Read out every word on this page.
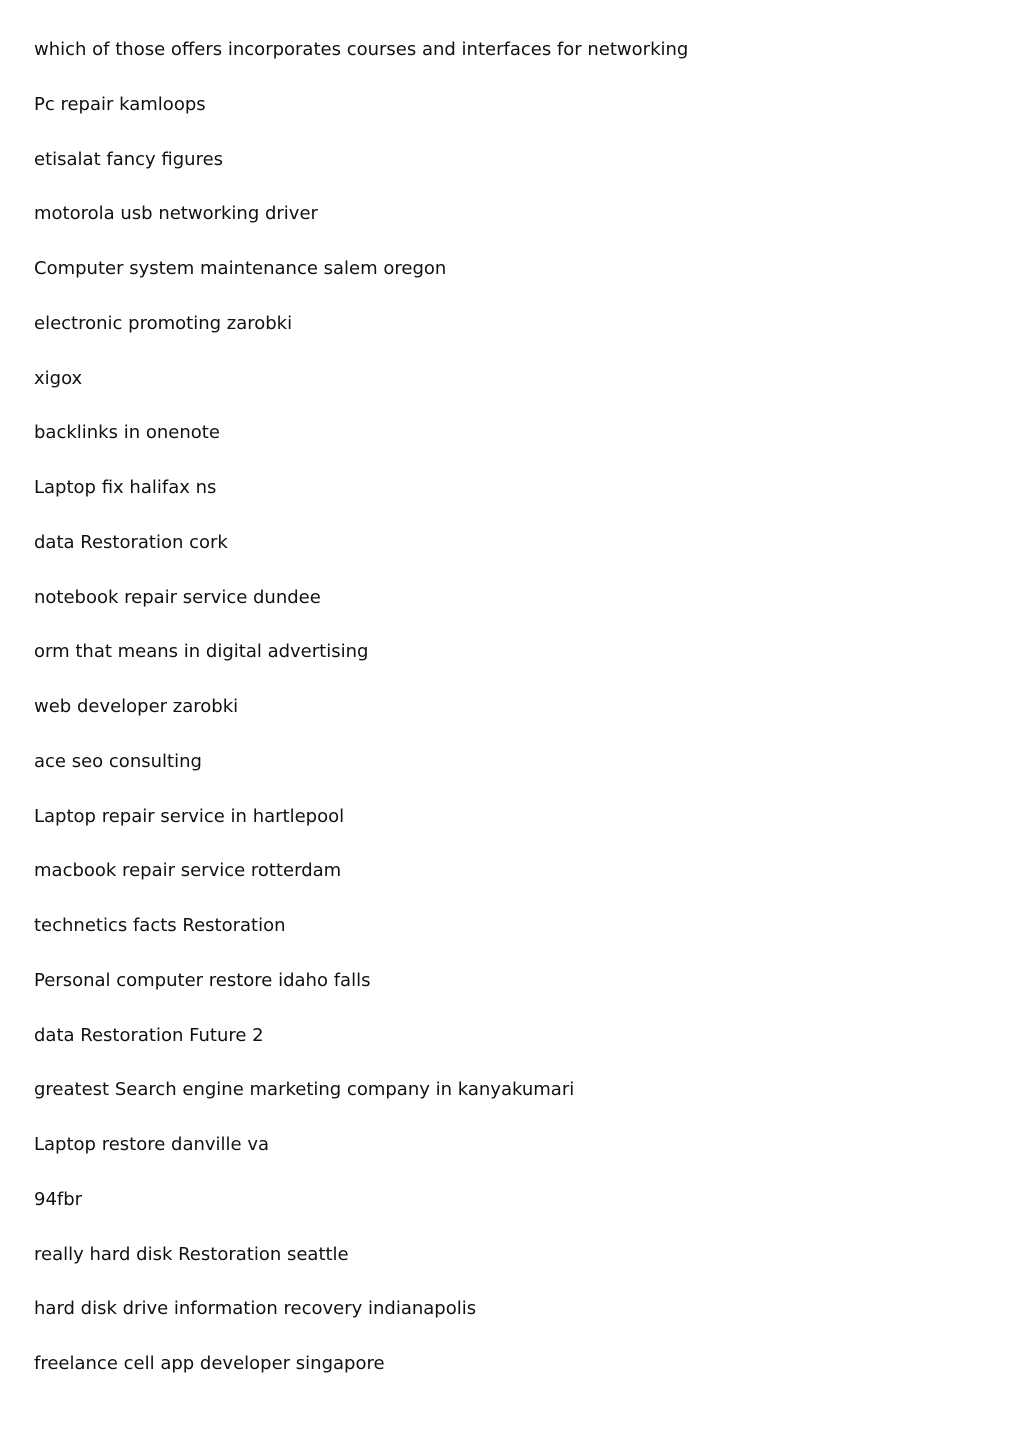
which of those offers incorporates courses and interfaces for networking
Pc repair kamloops
etisalat fancy figures
motorola usb networking driver
Computer system maintenance salem oregon
electronic promoting zarobki
xigox
backlinks in onenote
Laptop fix halifax ns
data Restoration cork
notebook repair service dundee
orm that means in digital advertising
web developer zarobki
ace seo consulting
Laptop repair service in hartlepool
macbook repair service rotterdam
technetics facts Restoration
Personal computer restore idaho falls
data Restoration Future 2
greatest Search engine marketing company in kanyakumari
Laptop restore danville va
94fbr
really hard disk Restoration seattle
hard disk drive information recovery indianapolis
freelance cell app developer singapore
